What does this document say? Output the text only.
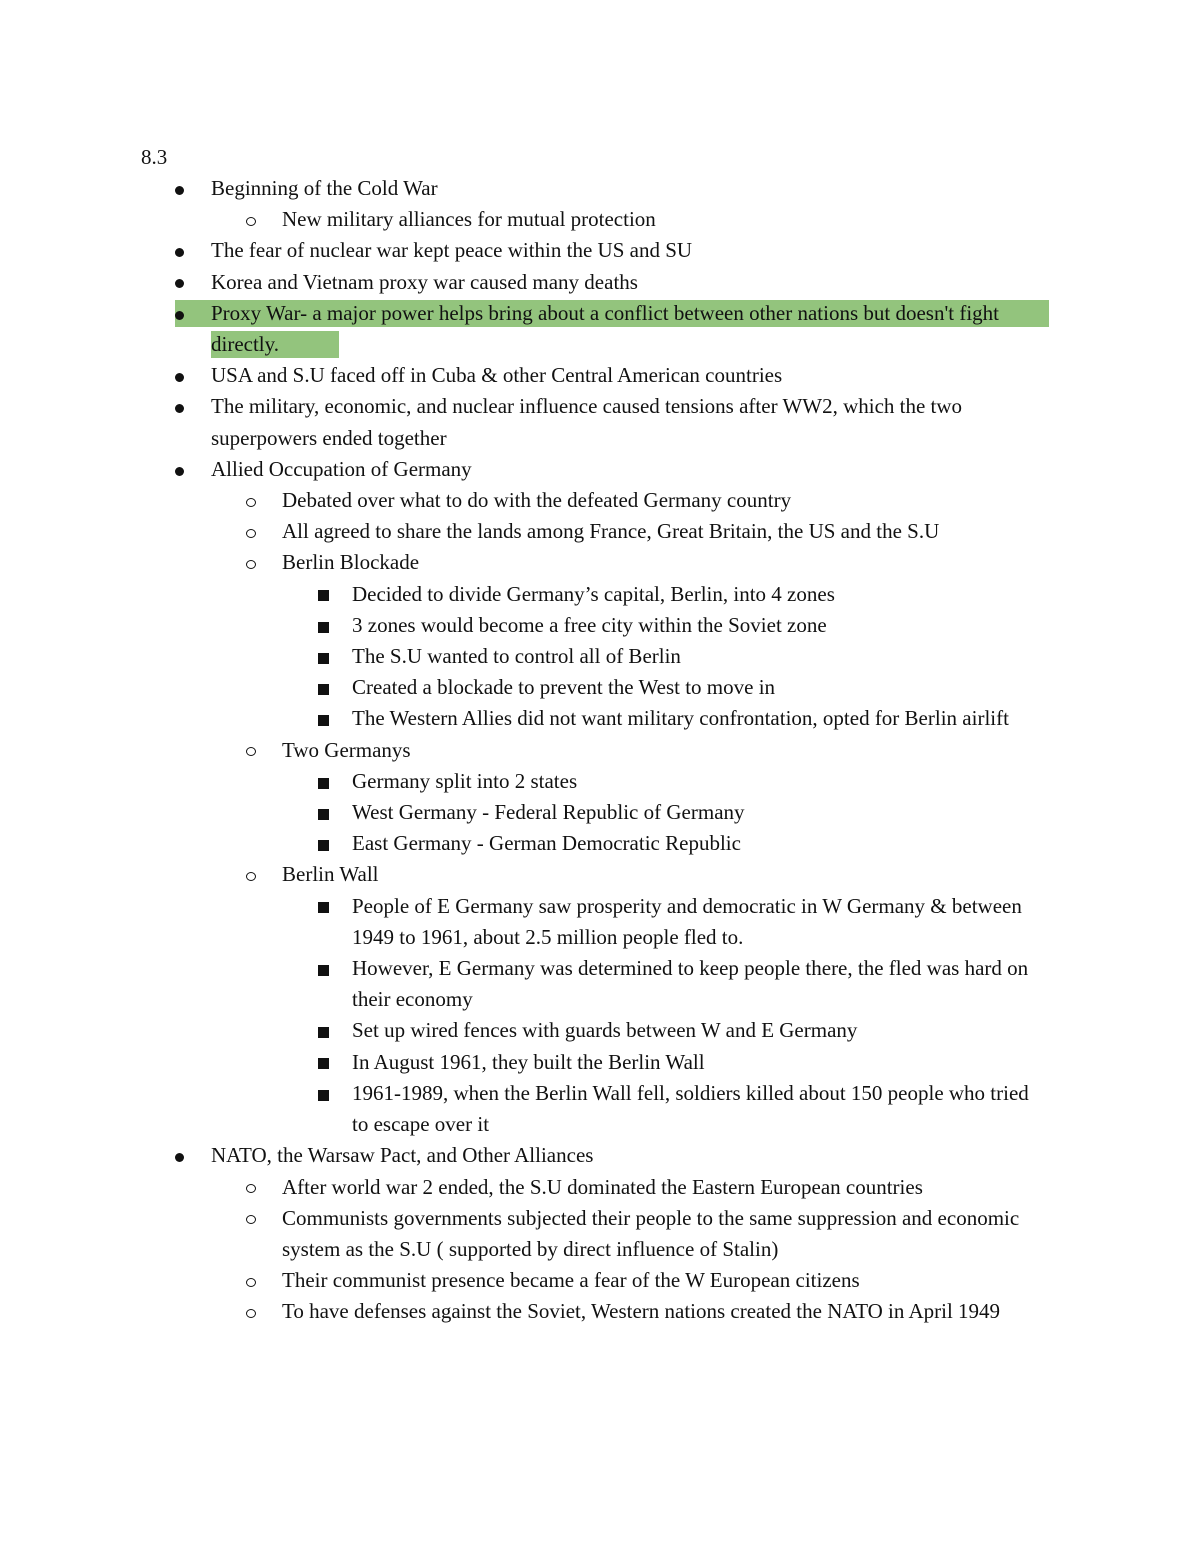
8.3

Beginning of the Cold War
New military alliances for mutual protection
The fear of nuclear war kept peace within the US and SU
Korea and Vietnam proxy war caused many deaths
Proxy War- a major power helps bring about a conflict between other nations but doesn't fight directly.
USA and S.U faced off in Cuba & other Central American countries
The military, economic, and nuclear influence caused tensions after WW2, which the two superpowers ended together
Allied Occupation of Germany
Debated over what to do with the defeated Germany country
All agreed to share the lands among France, Great Britain, the US and the S.U
Berlin Blockade
Decided to divide Germany’s capital, Berlin, into 4 zones
3 zones would become a free city within the Soviet zone
The S.U wanted to control all of Berlin
Created a blockade to prevent the West to move in
The Western Allies did not want military confrontation, opted for Berlin airlift
Two Germanys
Germany split into 2 states
West Germany - Federal Republic of Germany
East Germany - German Democratic Republic
Berlin Wall
People of E Germany saw prosperity and democratic in W Germany & between 1949 to 1961, about 2.5 million people fled to.
However, E Germany was determined to keep people there, the fled was hard on their economy
Set up wired fences with guards between W and E Germany
In August 1961, they built the Berlin Wall
1961-1989, when the Berlin Wall fell, soldiers killed about 150 people who tried to escape over it
NATO, the Warsaw Pact, and Other Alliances
After world war 2 ended, the S.U dominated the Eastern European countries
Communists governments subjected their people to the same suppression and economic system as the S.U ( supported by direct influence of Stalin)
Their communist presence became a fear of the W European citizens
To have defenses against the Soviet, Western nations created the NATO in April 1949
